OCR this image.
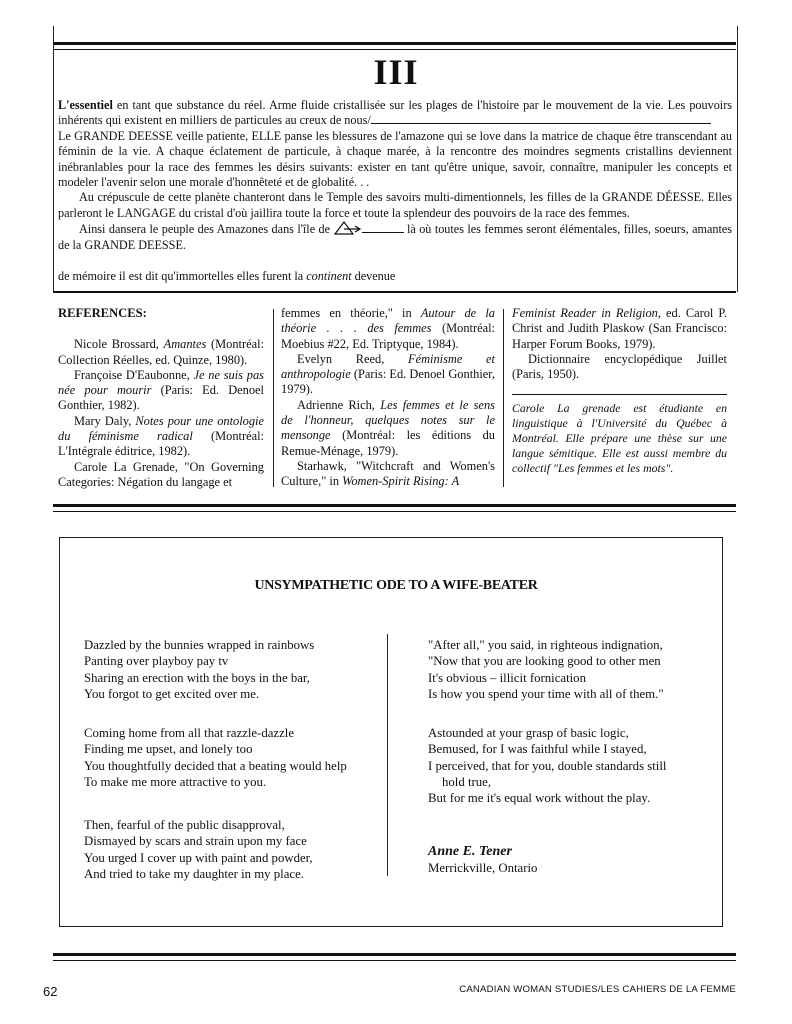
III

L'essentiel en tant que substance du réel. Arme fluide cristallisée sur les plages de l'histoire par le mouvement de la vie. Les pouvoirs inhérents qui existent en milliers de particules au creux de nous/

Le GRANDE DEESSE veille patiente, ELLE panse les blessures de l'amazone qui se love dans la matrice de chaque être transcendant au féminin de la vie. A chaque éclatement de particule, à chaque marée, à la rencontre des moindres segments cristallins deviennent inébranlables pour la race des femmes les désirs suivants: exister en tant qu'être unique, savoir, connaître, manipuler les concepts et modeler l'avenir selon une morale d'honnêteté et de globalité. . .

Au crépuscule de cette planète chanteront dans le Temple des savoirs multi-dimentionnels, les filles de la GRANDE DÉESSE. Elles parleront le LANGAGE du cristal d'où jaillira toute la force et toute la splendeur des pouvoirs de la race des femmes.

Ainsi dansera le peuple des Amazones dans l'île de	là où toutes les femmes seront élémentales, filles, soeurs, amantes de la GRANDE DEESSE.

de mémoire il est dit qu'immortelles elles furent la continent devenue

REFERENCES:

Nicole Brossard, Amantes (Montréal: Collection Réelles, ed. Quinze, 1980).

Françoise D'Eaubonne, Je ne suis pas née pour mourir (Paris: Ed. Denoel Gonthier, 1982).

Mary Daly, Notes pour une ontologie du féminisme radical (Montréal: L'Intégrale éditrice, 1982).

Carole La Grenade, "On Governing Categories: Négation du langage et

femmes en théorie," in Autour de la théorie . . . des femmes (Montréal: Moebius #22, Ed. Triptyque, 1984).

Evelyn Reed, Féminisme et anthropologie (Paris: Ed. Denoel Gonthier, 1979).

Adrienne Rich, Les femmes et le sens de l'honneur, quelques notes sur le mensonge (Montréal: les éditions du Remue-Ménage, 1979).

Starhawk, "Witchcraft and Women's Culture," in Women-Spirit Rising: A

Feminist Reader in Religion, ed. Carol P. Christ and Judith Plaskow (San Francisco: Harper Forum Books, 1979).

Dictionnaire encyclopédique Juillet (Paris, 1950).

Carole La grenade est étudiante en linguistique à l'Université du Québec à Montréal. Elle prépare une thèse sur une langue sémitique. Elle est aussi membre du collectif "Les femmes et les mots".

UNSYMPATHETIC ODE TO A WIFE-BEATER
Dazzled by the bunnies wrapped in rainbows
Panting over playboy pay tv
Sharing an erection with the boys in the bar,
You forgot to get excited over me.
Coming home from all that razzle-dazzle
Finding me upset, and lonely too
You thoughtfully decided that a beating would help
To make me more attractive to you.
Then, fearful of the public disapproval,
Dismayed by scars and strain upon my face
You urged I cover up with paint and powder,
And tried to take my daughter in my place.
"After all," you said, in righteous indignation,
"Now that you are looking good to other men
It's obvious – illicit fornication
Is how you spend your time with all of them."
Astounded at your grasp of basic logic,
Bemused, for I was faithful while I stayed,
I perceived, that for you, double standards still
hold true,
But for me it's equal work without the play.
Anne E. Tener
Merrickville, Ontario
62	CANADIAN WOMAN STUDIES/LES CAHIERS DE LA FEMME
